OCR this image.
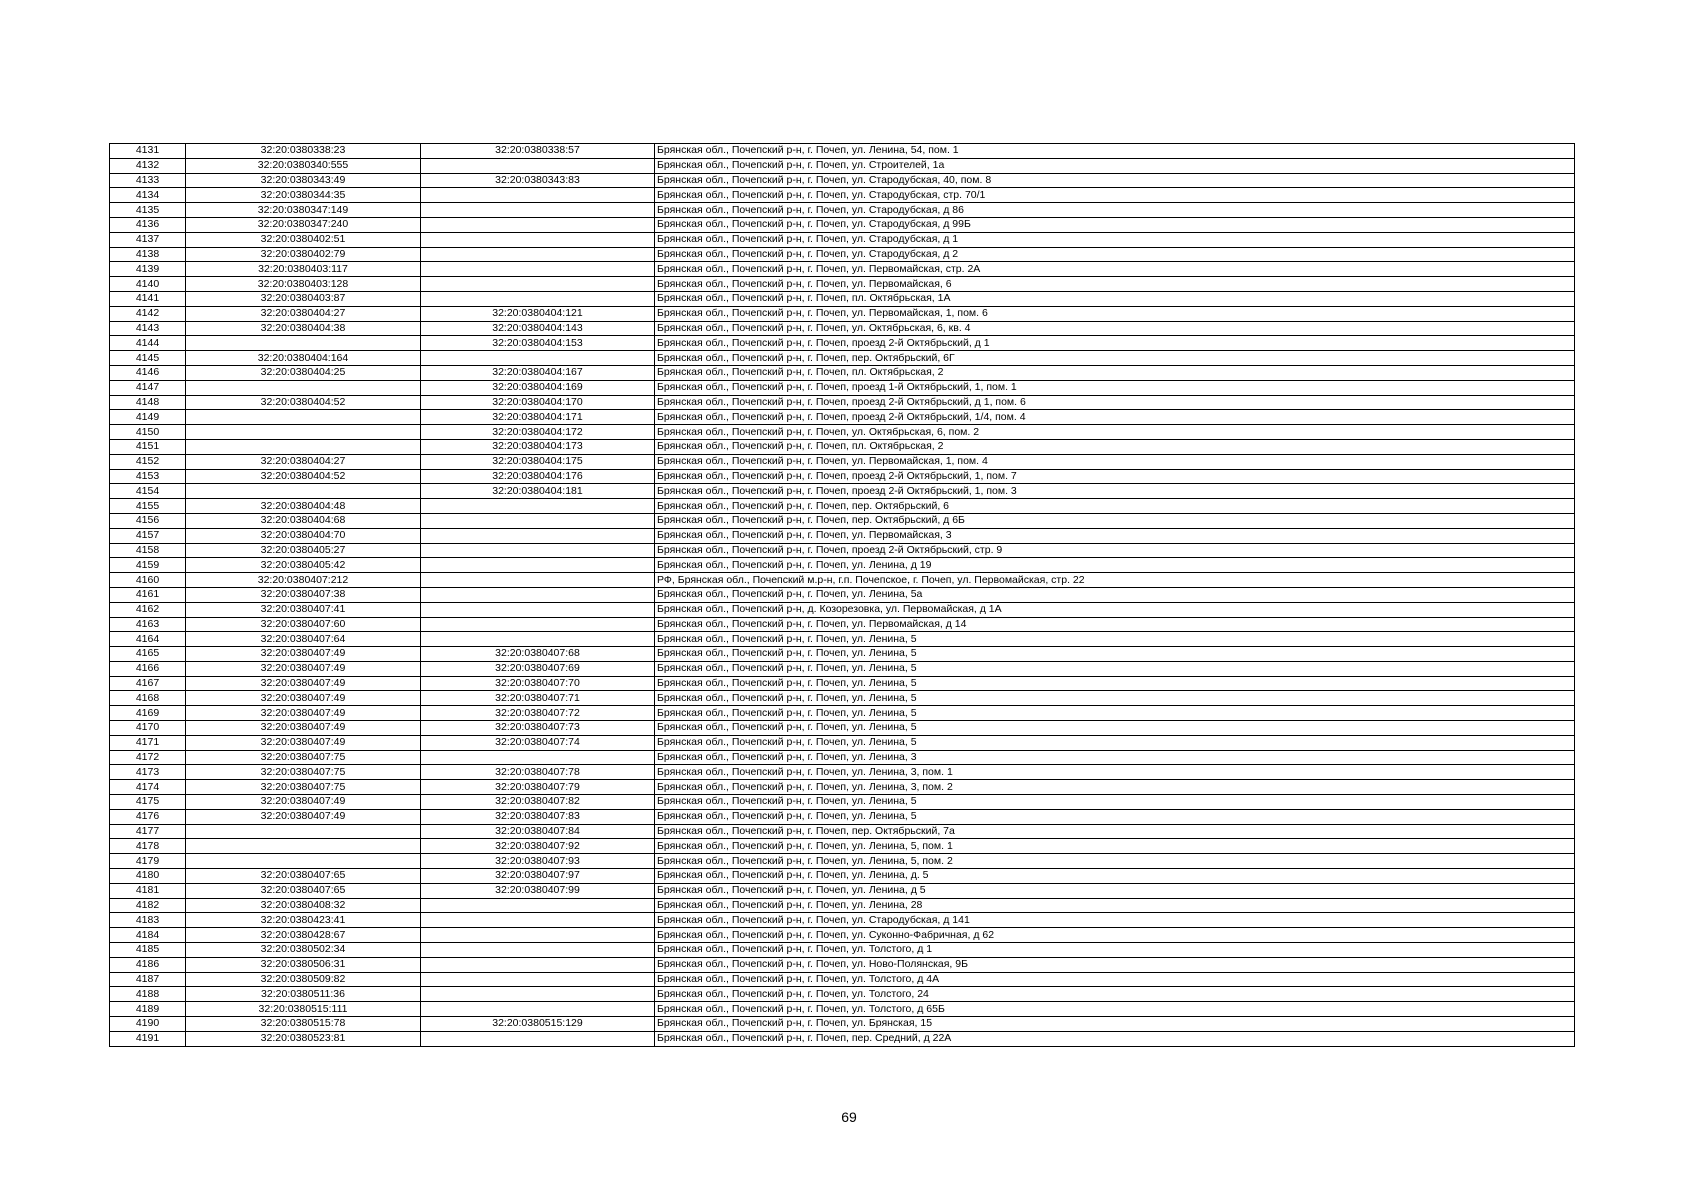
4131	32:20:0380338:23	32:20:0380338:57	Брянская обл., Почепский р-н, г. Почеп, ул. Ленина, 54, пом. 1
4132	32:20:0380340:555		Брянская обл., Почепский р-н, г. Почеп, ул. Строителей, 1а
4133	32:20:0380343:49	32:20:0380343:83	Брянская обл., Почепский р-н, г. Почеп, ул. Стародубская, 40, пом. 8
4134	32:20:0380344:35		Брянская обл., Почепский р-н, г. Почеп, ул. Стародубская, стр. 70/1
4135	32:20:0380347:149		Брянская обл., Почепский р-н, г. Почеп, ул. Стародубская, д 86
4136	32:20:0380347:240		Брянская обл., Почепский р-н, г. Почеп, ул. Стародубская, д 99Б
4137	32:20:0380402:51		Брянская обл., Почепский р-н, г. Почеп, ул. Стародубская, д 1
4138	32:20:0380402:79		Брянская обл., Почепский р-н, г. Почеп, ул. Стародубская, д 2
4139	32:20:0380403:117		Брянская обл., Почепский р-н, г. Почеп, ул. Первомайская, стр. 2А
4140	32:20:0380403:128		Брянская обл., Почепский р-н, г. Почеп, ул. Первомайская, 6
4141	32:20:0380403:87		Брянская обл., Почепский р-н, г. Почеп, пл. Октябрьская, 1А
4142	32:20:0380404:27	32:20:0380404:121	Брянская обл., Почепский р-н, г. Почеп, ул. Первомайская, 1, пом. 6
4143	32:20:0380404:38	32:20:0380404:143	Брянская обл., Почепский р-н, г. Почеп, ул. Октябрьская, 6, кв. 4
4144		32:20:0380404:153	Брянская обл., Почепский р-н, г. Почеп, проезд 2-й Октябрьский, д 1
4145	32:20:0380404:164		Брянская обл., Почепский р-н, г. Почеп, пер. Октябрьский, 6Г
4146	32:20:0380404:25	32:20:0380404:167	Брянская обл., Почепский р-н, г. Почеп, пл. Октябрьская, 2
4147		32:20:0380404:169	Брянская обл., Почепский р-н, г. Почеп, проезд 1-й Октябрьский, 1, пом. 1
4148	32:20:0380404:52	32:20:0380404:170	Брянская обл., Почепский р-н, г. Почеп, проезд 2-й Октябрьский, д 1, пом. 6
4149		32:20:0380404:171	Брянская обл., Почепский р-н, г. Почеп, проезд 2-й Октябрьский, 1/4, пом. 4
4150		32:20:0380404:172	Брянская обл., Почепский р-н, г. Почеп, ул. Октябрьская, 6, пом. 2
4151		32:20:0380404:173	Брянская обл., Почепский р-н, г. Почеп, пл. Октябрьская, 2
4152	32:20:0380404:27	32:20:0380404:175	Брянская обл., Почепский р-н, г. Почеп, ул. Первомайская, 1, пом. 4
4153	32:20:0380404:52	32:20:0380404:176	Брянская обл., Почепский р-н, г. Почеп, проезд 2-й Октябрьский, 1, пом. 7
4154		32:20:0380404:181	Брянская обл., Почепский р-н, г. Почеп, проезд 2-й Октябрьский, 1, пом. 3
4155	32:20:0380404:48		Брянская обл., Почепский р-н, г. Почеп, пер. Октябрьский, 6
4156	32:20:0380404:68		Брянская обл., Почепский р-н, г. Почеп, пер. Октябрьский, д 6Б
4157	32:20:0380404:70		Брянская обл., Почепский р-н, г. Почеп, ул. Первомайская, 3
4158	32:20:0380405:27		Брянская обл., Почепский р-н, г. Почеп, проезд 2-й Октябрьский, стр. 9
4159	32:20:0380405:42		Брянская обл., Почепский р-н, г. Почеп, ул. Ленина, д 19
4160	32:20:0380407:212		РФ, Брянская обл., Почепский м.р-н, г.п. Почепское, г. Почеп, ул. Первомайская, стр. 22
4161	32:20:0380407:38		Брянская обл., Почепский р-н, г. Почеп, ул. Ленина, 5а
4162	32:20:0380407:41		Брянская обл., Почепский р-н, д. Козорезовка, ул. Первомайская, д 1А
4163	32:20:0380407:60		Брянская обл., Почепский р-н, г. Почеп, ул. Первомайская, д 14
4164	32:20:0380407:64		Брянская обл., Почепский р-н, г. Почеп, ул. Ленина, 5
4165	32:20:0380407:49	32:20:0380407:68	Брянская обл., Почепский р-н, г. Почеп, ул. Ленина, 5
4166	32:20:0380407:49	32:20:0380407:69	Брянская обл., Почепский р-н, г. Почеп, ул. Ленина, 5
4167	32:20:0380407:49	32:20:0380407:70	Брянская обл., Почепский р-н, г. Почеп, ул. Ленина, 5
4168	32:20:0380407:49	32:20:0380407:71	Брянская обл., Почепский р-н, г. Почеп, ул. Ленина, 5
4169	32:20:0380407:49	32:20:0380407:72	Брянская обл., Почепский р-н, г. Почеп, ул. Ленина, 5
4170	32:20:0380407:49	32:20:0380407:73	Брянская обл., Почепский р-н, г. Почеп, ул. Ленина, 5
4171	32:20:0380407:49	32:20:0380407:74	Брянская обл., Почепский р-н, г. Почеп, ул. Ленина, 5
4172	32:20:0380407:75		Брянская обл., Почепский р-н, г. Почеп, ул. Ленина, 3
4173	32:20:0380407:75	32:20:0380407:78	Брянская обл., Почепский р-н, г. Почеп, ул. Ленина, 3, пом. 1
4174	32:20:0380407:75	32:20:0380407:79	Брянская обл., Почепский р-н, г. Почеп, ул. Ленина, 3, пом. 2
4175	32:20:0380407:49	32:20:0380407:82	Брянская обл., Почепский р-н, г. Почеп, ул. Ленина, 5
4176	32:20:0380407:49	32:20:0380407:83	Брянская обл., Почепский р-н, г. Почеп, ул. Ленина, 5
4177		32:20:0380407:84	Брянская обл., Почепский р-н, г. Почеп, пер. Октябрьский, 7а
4178		32:20:0380407:92	Брянская обл., Почепский р-н, г. Почеп, ул. Ленина, 5, пом. 1
4179		32:20:0380407:93	Брянская обл., Почепский р-н, г. Почеп, ул. Ленина, 5, пом. 2
4180	32:20:0380407:65	32:20:0380407:97	Брянская обл., Почепский р-н, г. Почеп, ул. Ленина, д. 5
4181	32:20:0380407:65	32:20:0380407:99	Брянская обл., Почепский р-н, г. Почеп, ул. Ленина, д 5
4182	32:20:0380408:32		Брянская обл., Почепский р-н, г. Почеп, ул. Ленина, 28
4183	32:20:0380423:41		Брянская обл., Почепский р-н, г. Почеп, ул. Стародубская, д 141
4184	32:20:0380428:67		Брянская обл., Почепский р-н, г. Почеп, ул. Суконно-Фабричная, д 62
4185	32:20:0380502:34		Брянская обл., Почепский р-н, г. Почеп, ул. Толстого, д 1
4186	32:20:0380506:31		Брянская обл., Почепский р-н, г. Почеп, ул. Ново-Полянская, 9Б
4187	32:20:0380509:82		Брянская обл., Почепский р-н, г. Почеп, ул. Толстого, д 4А
4188	32:20:0380511:36		Брянская обл., Почепский р-н, г. Почеп, ул. Толстого, 24
4189	32:20:0380515:111		Брянская обл., Почепский р-н, г. Почеп, ул. Толстого, д 65Б
4190	32:20:0380515:78	32:20:0380515:129	Брянская обл., Почепский р-н, г. Почеп, ул. Брянская, 15
4191	32:20:0380523:81		Брянская обл., Почепский р-н, г. Почеп, пер. Средний, д 22А
69
